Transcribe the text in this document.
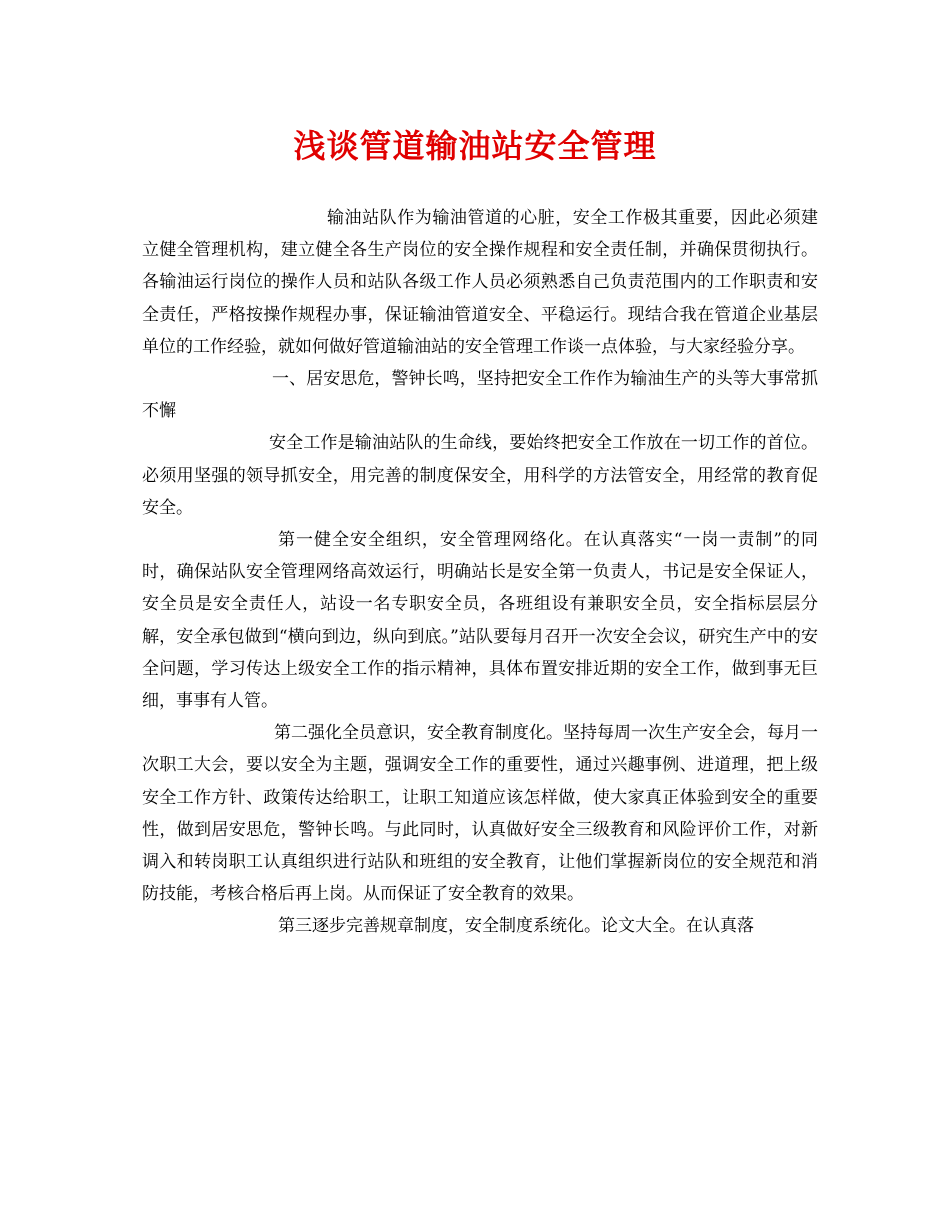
浅谈管道输油站安全管理

输油站队作为输油管道的心脏，安全工作极其重要，因此必须建立健全管理机构，建立健全各生产岗位的安全操作规程和安全责任制，并确保贯彻执行。各输油运行岗位的操作人员和站队各级工作人员必须熟悉自己负责范围内的工作职责和安全责任，严格按操作规程办事，保证输油管道安全、平稳运行。现结合我在管道企业基层单位的工作经验，就如何做好管道输油站的安全管理工作谈一点体验，与大家经验分享。

一、居安思危，警钟长鸣，坚持把安全工作作为输油生产的头等大事常抓不懈

安全工作是输油站队的生命线，要始终把安全工作放在一切工作的首位。必须用坚强的领导抓安全，用完善的制度保安全，用科学的方法管安全，用经常的教育促安全。

第一健全安全组织，安全管理网络化。在认真落实“一岗一责制”的同时，确保站队安全管理网络高效运行，明确站长是安全第一负责人，书记是安全保证人，安全员是安全责任人，站设一名专职安全员，各班组设有兼职安全员，安全指标层层分解，安全承包做到“横向到边，纵向到底。”站队要每月召开一次安全会议，研究生产中的安全问题，学习传达上级安全工作的指示精神，具体布置安排近期的安全工作，做到事无巨细，事事有人管。

第二强化全员意识，安全教育制度化。坚持每周一次生产安全会，每月一次职工大会，要以安全为主题，强调安全工作的重要性，通过兴趣事例、进道理，把上级安全工作方针、政策传达给职工，让职工知道应该怎样做，使大家真正体验到安全的重要性，做到居安思危，警钟长鸣。与此同时，认真做好安全三级教育和风险评价工作，对新调入和转岗职工认真组织进行站队和班组的安全教育，让他们掌握新岗位的安全规范和消防技能，考核合格后再上岗。从而保证了安全教育的效果。

第三逐步完善规章制度，安全制度系统化。论文大全。在认真落
